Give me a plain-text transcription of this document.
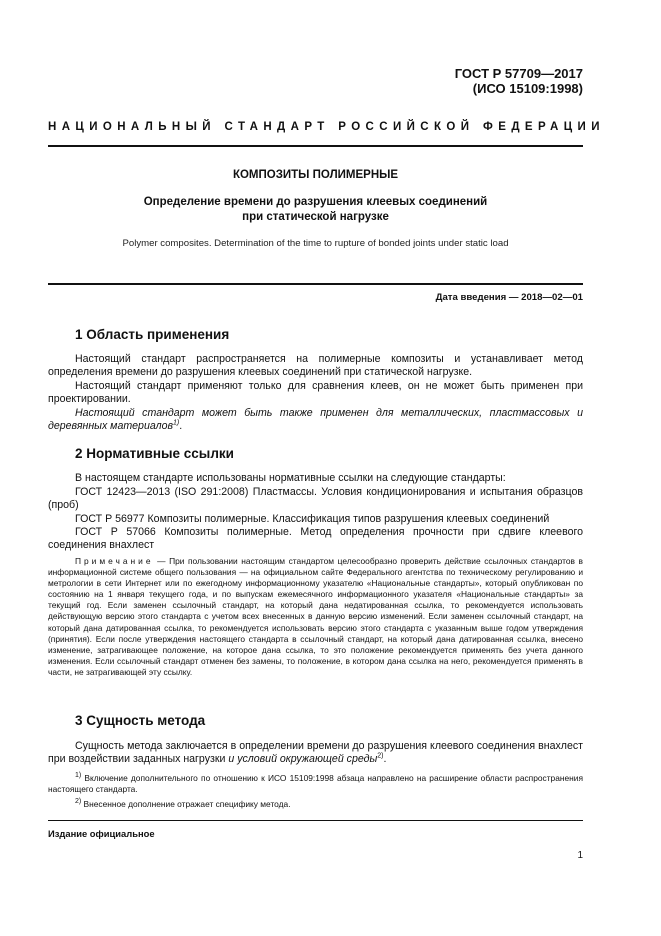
ГОСТ Р 57709—2017
(ИСО 15109:1998)
НАЦИОНАЛЬНЫЙ СТАНДАРТ РОССИЙСКОЙ ФЕДЕРАЦИИ
КОМПОЗИТЫ ПОЛИМЕРНЫЕ
Определение времени до разрушения клеевых соединений
при статической нагрузке
Polymer composites. Determination of the time to rupture of bonded joints under static load
Дата введения — 2018—02—01
1 Область применения
Настоящий стандарт распространяется на полимерные композиты и устанавливает метод определения времени до разрушения клеевых соединений при статической нагрузке.
Настоящий стандарт применяют только для сравнения клеев, он не может быть применен при проектировании.
Настоящий стандарт может быть также применен для металлических, пластмассовых и деревянных материалов$^{1)}$.
2 Нормативные ссылки
В настоящем стандарте использованы нормативные ссылки на следующие стандарты:
ГОСТ 12423—2013 (ISO 291:2008) Пластмассы. Условия кондиционирования и испытания образцов (проб)
ГОСТ Р 56977 Композиты полимерные. Классификация типов разрушения клеевых соединений
ГОСТ Р 57066 Композиты полимерные. Метод определения прочности при сдвиге клеевого соединения внахлест
Примечание — При пользовании настоящим стандартом целесообразно проверить действие ссылочных стандартов в информационной системе общего пользования — на официальном сайте Федерального агентства по техническому регулированию и метрологии в сети Интернет или по ежегодному информационному указателю «Национальные стандарты», который опубликован по состоянию на 1 января текущего года, и по выпускам ежемесячного информационного указателя «Национальные стандарты» за текущий год. Если заменен ссылочный стандарт, на который дана недатированная ссылка, то рекомендуется использовать действующую версию этого стандарта с учетом всех внесенных в данную версию изменений. Если заменен ссылочный стандарт, на который дана датированная ссылка, то рекомендуется использовать версию этого стандарта с указанным выше годом утверждения (принятия). Если после утверждения настоящего стандарта в ссылочный стандарт, на который дана датированная ссылка, внесено изменение, затрагивающее положение, на которое дана ссылка, то это положение рекомендуется применять без учета данного изменения. Если ссылочный стандарт отменен без замены, то положение, в котором дана ссылка на него, рекомендуется применять в части, не затрагивающей эту ссылку.
3 Сущность метода
Сущность метода заключается в определении времени до разрушения клеевого соединения внахлест при воздействии заданных нагрузки и условий окружающей среды$^{2)}$.
$^{1)}$ Включение дополнительного по отношению к ИСО 15109:1998 абзаца направлено на расширение области распространения настоящего стандарта.
$^{2)}$ Внесенное дополнение отражает специфику метода.
Издание официальное
1
